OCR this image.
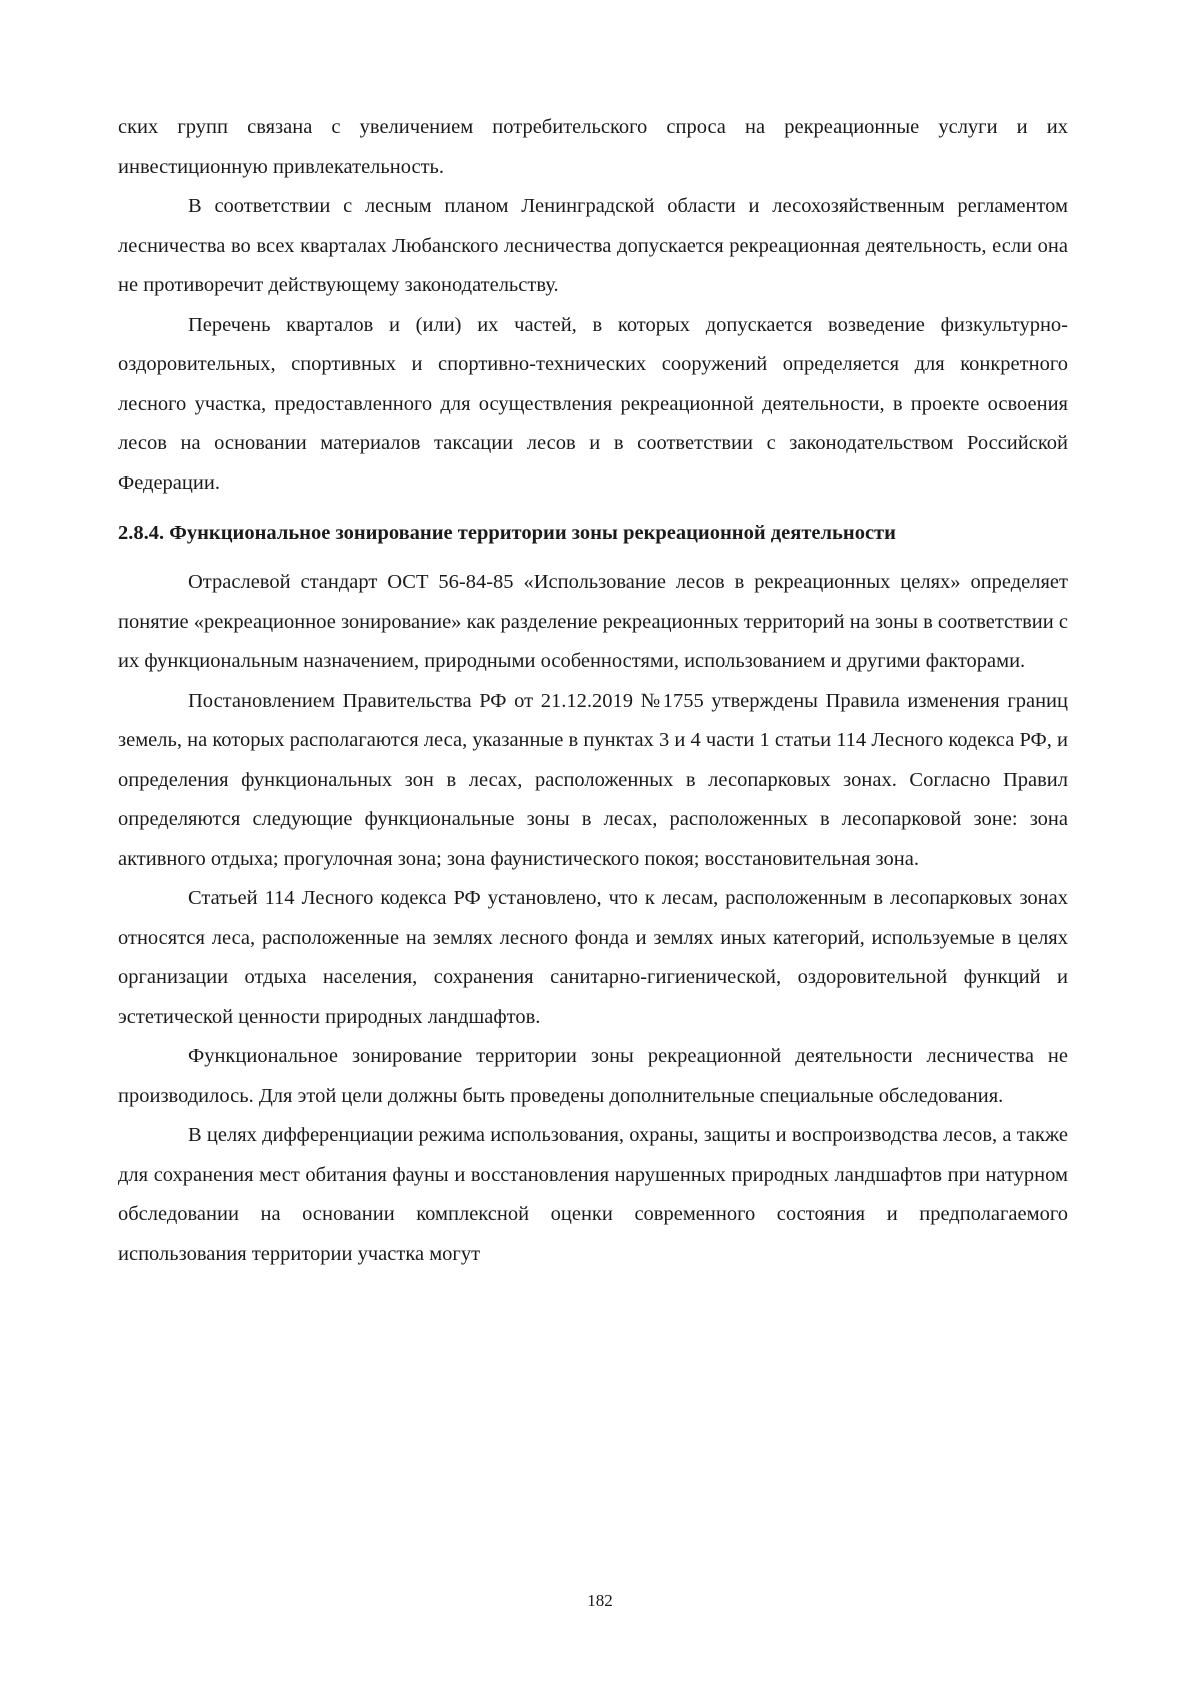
ских групп связана с увеличением потребительского спроса на рекреационные услуги и их инвестиционную привлекательность.

В соответствии с лесным планом Ленинградской области и лесохозяйственным регламентом лесничества во всех кварталах Любанского лесничества допускается рекреационная деятельность, если она не противоречит действующему законодательству.

Перечень кварталов и (или) их частей, в которых допускается возведение физкультурно-оздоровительных, спортивных и спортивно-технических сооружений определяется для конкретного лесного участка, предоставленного для осуществления рекреационной деятельности, в проекте освоения лесов на основании материалов таксации лесов и в соответствии с законодательством Российской Федерации.

2.8.4. Функциональное зонирование территории зоны рекреационной деятельности

Отраслевой стандарт ОСТ 56-84-85 «Использование лесов в рекреационных целях» определяет понятие «рекреационное зонирование» как разделение рекреационных территорий на зоны в соответствии с их функциональным назначением, природными особенностями, использованием и другими факторами.

Постановлением Правительства РФ от 21.12.2019 №1755 утверждены Правила изменения границ земель, на которых располагаются леса, указанные в пунктах 3 и 4 части 1 статьи 114 Лесного кодекса РФ, и определения функциональных зон в лесах, расположенных в лесопарковых зонах. Согласно Правил определяются следующие функциональные зоны в лесах, расположенных в лесопарковой зоне: зона активного отдыха; прогулочная зона; зона фаунистического покоя; восстановительная зона.

Статьей 114 Лесного кодекса РФ установлено, что к лесам, расположенным в лесопарковых зонах относятся леса, расположенные на землях лесного фонда и землях иных категорий, используемые в целях организации отдыха населения, сохранения санитарно-гигиенической, оздоровительной функций и эстетической ценности природных ландшафтов.

Функциональное зонирование территории зоны рекреационной деятельности лесничества не производилось. Для этой цели должны быть проведены дополнительные специальные обследования.

В целях дифференциации режима использования, охраны, защиты и воспроизводства лесов, а также для сохранения мест обитания фауны и восстановления нарушенных природных ландшафтов при натурном обследовании на основании комплексной оценки современного состояния и предполагаемого использования территории участка могут

182
